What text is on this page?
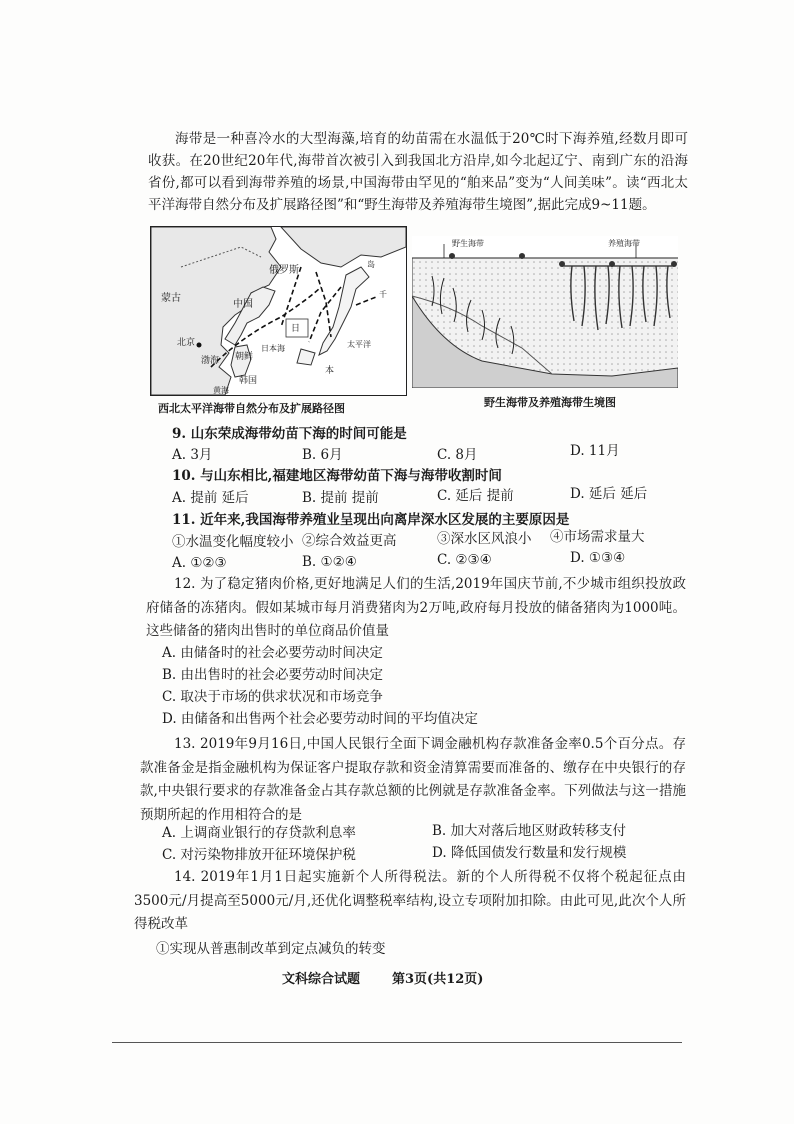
海带是一种喜冷水的大型海藻,培育的幼苗需在水温低于20℃时下海养殖,经数月即可收获。在20世纪20年代,海带首次被引入到我国北方沿岸,如今北起辽宁、南到广东的沿海省份,都可以看到海带养殖的场景,中国海带由罕见的“舶来品”变为“人间美味”。读“西北太平洋海带自然分布及扩展路径图”和“野生海带及养殖海带生境图”,据此完成9~11题。
俄罗斯
蒙古
中国
北京
渤海 朝鲜
韩国
日本海	太平洋
黄海
日
本
岛
千
西北太平洋海带自然分布及扩展路径图
野生海带	养殖海带
野生海带及养殖海带生境图
9. 山东荣成海带幼苗下海的时间可能是
A. 3月	B. 6月	C. 8月	D. 11月
10. 与山东相比,福建地区海带幼苗下海与海带收割时间
A. 提前 延后	B. 提前 提前	C. 延后 提前	D. 延后 延后
11. 近年来,我国海带养殖业呈现出向离岸深水区发展的主要原因是
①水温变化幅度较小 ②综合效益更高	③深水区风浪小 ④市场需求量大
A. ①②③	B. ①②④	C. ②③④	D. ①③④
12. 为了稳定猪肉价格,更好地满足人们的生活,2019年国庆节前,不少城市组织投放政府储备的冻猪肉。假如某城市每月消费猪肉为2万吨,政府每月投放的储备猪肉为1000吨。这些储备的猪肉出售时的单位商品价值量
A. 由储备时的社会必要劳动时间决定
B. 由出售时的社会必要劳动时间决定
C. 取决于市场的供求状况和市场竞争
D. 由储备和出售两个社会必要劳动时间的平均值决定
13. 2019年9月16日,中国人民银行全面下调金融机构存款准备金率0.5个百分点。存款准备金是指金融机构为保证客户提取存款和资金清算需要而准备的、缴存在中央银行的存款,中央银行要求的存款准备金占其存款总额的比例就是存款准备金率。下列做法与这一措施预期所起的作用相符合的是
A. 上调商业银行的存贷款利息率	B. 加大对落后地区财政转移支付
C. 对污染物排放开征环境保护税	D. 降低国债发行数量和发行规模
14. 2019年1月1日起实施新个人所得税法。新的个人所得税不仅将个税起征点由3500元/月提高至5000元/月,还优化调整税率结构,设立专项附加扣除。由此可见,此次个人所得税改革
①实现从普惠制改革到定点减负的转变
文科综合试题 第3页(共12页)
